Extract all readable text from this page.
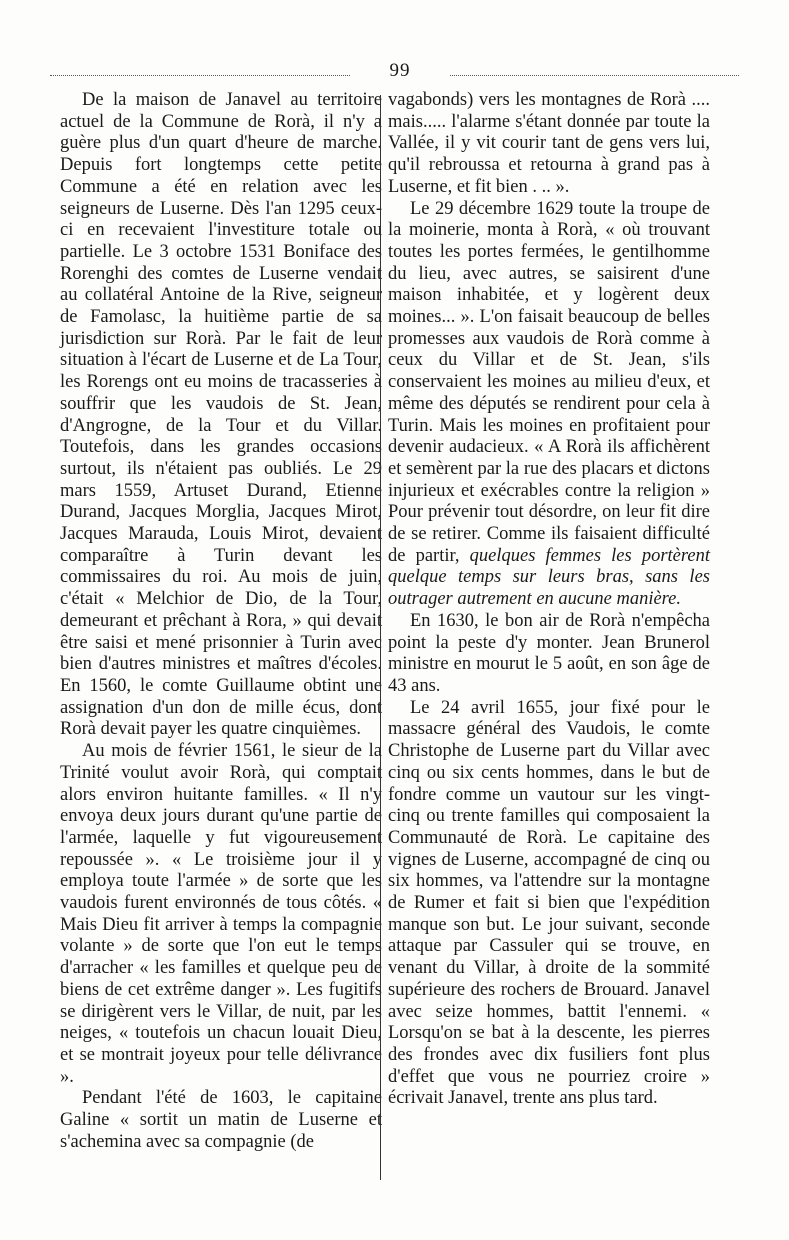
99

De la maison de Janavel au territoire actuel de la Commune de Rorà, il n'y a guère plus d'un quart d'heure de marche. Depuis fort longtemps cette petite Commune a été en relation avec les seigneurs de Luserne. Dès l'an 1295 ceux-ci en recevaient l'investiture totale ou partielle. Le 3 octobre 1531 Boniface des Rorenghi des comtes de Luserne vendait au collatéral Antoine de la Rive, seigneur de Famolasc, la huitième partie de sa jurisdiction sur Rorà. Par le fait de leur situation à l'écart de Luserne et de La Tour, les Rorengs ont eu moins de tracasseries à souffrir que les vaudois de St. Jean, d'Angrogne, de la Tour et du Villar. Toutefois, dans les grandes occasions surtout, ils n'étaient pas oubliés. Le 29 mars 1559, Artuset Durand, Etienne Durand, Jacques Morglia, Jacques Mirot, Jacques Marauda, Louis Mirot, devaient comparaître à Turin devant les commissaires du roi. Au mois de juin, c'était « Melchior de Dio, de la Tour, demeurant et prêchant à Rora, » qui devait être saisi et mené prisonnier à Turin avec bien d'autres ministres et maîtres d'écoles. En 1560, le comte Guillaume obtint une assignation d'un don de mille écus, dont Rorà devait payer les quatre cinquièmes.

Au mois de février 1561, le sieur de la Trinité voulut avoir Rorà, qui comptait alors environ huitante familles. « Il n'y envoya deux jours durant qu'une partie de l'armée, laquelle y fut vigoureusement repoussée ». « Le troisième jour il y employa toute l'armée » de sorte que les vaudois furent environnés de tous côtés. « Mais Dieu fit arriver à temps la compagnie volante » de sorte que l'on eut le temps d'arracher « les familles et quelque peu de biens de cet extrême danger ». Les fugitifs se dirigèrent vers le Villar, de nuit, par les neiges, « toutefois un chacun louait Dieu, et se montrait joyeux pour telle délivrance ».

Pendant l'été de 1603, le capitaine Galine « sortit un matin de Luserne et s'achemina avec sa compagnie (de

vagabonds) vers les montagnes de Rorà .... mais..... l'alarme s'étant donnée par toute la Vallée, il y vit courir tant de gens vers lui, qu'il rebroussa et retourna à grand pas à Luserne, et fit bien . .. ».

Le 29 décembre 1629 toute la troupe de la moinerie, monta à Rorà, « où trouvant toutes les portes fermées, le gentilhomme du lieu, avec autres, se saisirent d'une maison inhabitée, et y logèrent deux moines... ». L'on faisait beaucoup de belles promesses aux vaudois de Rorà comme à ceux du Villar et de St. Jean, s'ils conservaient les moines au milieu d'eux, et même des députés se rendirent pour cela à Turin. Mais les moines en profitaient pour devenir audacieux. « A Rorà ils affichèrent et semèrent par la rue des placars et dictons injurieux et exécrables contre la religion » Pour prévenir tout désordre, on leur fit dire de se retirer. Comme ils faisaient difficulté de partir, quelques femmes les portèrent quelque temps sur leurs bras, sans les outrager autrement en aucune manière.

En 1630, le bon air de Rorà n'empêcha point la peste d'y monter. Jean Brunerol ministre en mourut le 5 août, en son âge de 43 ans.

Le 24 avril 1655, jour fixé pour le massacre général des Vaudois, le comte Christophe de Luserne part du Villar avec cinq ou six cents hommes, dans le but de fondre comme un vautour sur les vingt-cinq ou trente familles qui composaient la Communauté de Rorà. Le capitaine des vignes de Luserne, accompagné de cinq ou six hommes, va l'attendre sur la montagne de Rumer et fait si bien que l'expédition manque son but. Le jour suivant, seconde attaque par Cassuler qui se trouve, en venant du Villar, à droite de la sommité supérieure des rochers de Brouard. Janavel avec seize hommes, battit l'ennemi. « Lorsqu'on se bat à la descente, les pierres des frondes avec dix fusiliers font plus d'effet que vous ne pourriez croire » écrivait Janavel, trente ans plus tard.
